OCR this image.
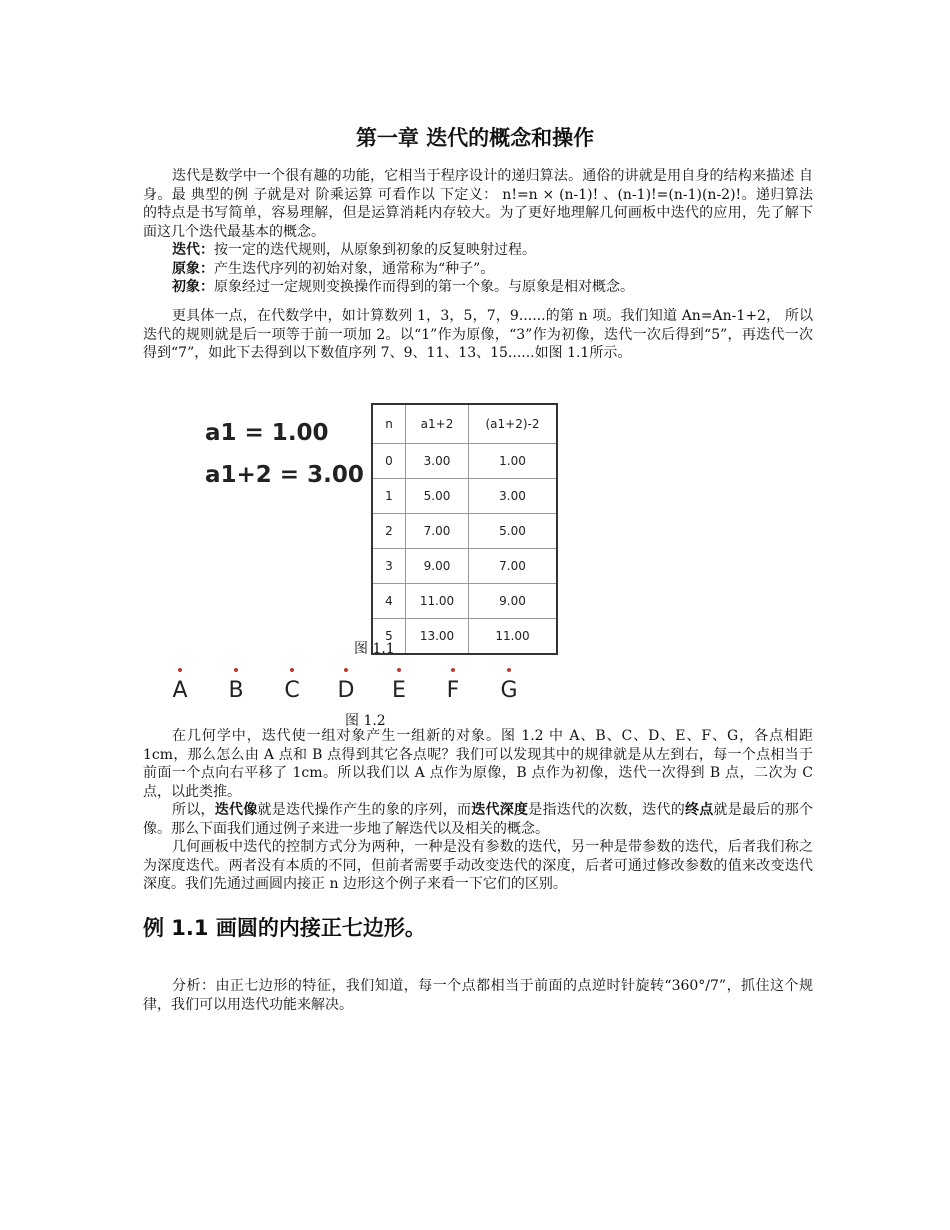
第一章 迭代的概念和操作

迭代是数学中一个很有趣的功能，它相当于程序设计的递归算法。通俗的讲就是用自身的结构来描述 自身。最 典型的例 子就是对 阶乘运算 可看作以 下定义： n!=n × (n-1)! 、(n-1)!=(n-1)(n-2)!。递归算法的特点是书写简单，容易理解，但是运算消耗内存较大。为了更好地理解几何画板中迭代的应用，先了解下面这几个迭代最基本的概念。

迭代：按一定的迭代规则，从原象到初象的反复映射过程。
原象：产生迭代序列的初始对象，通常称为“种子”。
初象：原象经过一定规则变换操作而得到的第一个象。与原象是相对概念。

更具体一点，在代数学中，如计算数列 1，3，5，7，9......的第 n 项。我们知道 An=An-1+2， 所以迭代的规则就是后一项等于前一项加 2。以“1”作为原像，“3”作为初像，迭代一次后得到“5”，再迭代一次得到“7”，如此下去得到以下数值序列 7、9、11、13、15......如图 1.1所示。

a1 = 1.00
a1+2 = 3.00
n	a1+2	(a1+2)-2
0	3.00	1.00
1	5.00	3.00
2	7.00	5.00
3	9.00	7.00
4	11.00	9.00
5	13.00	11.00
图 1.1
A	B	C	D	E	F	G
图 1.2

在几何学中，迭代使一组对象产生一组新的对象。图 1.2 中 A、B、C、D、E、F、G，各点相距 1cm，那么怎么由 A 点和 B 点得到其它各点呢？我们可以发现其中的规律就是从左到右，每一个点相当于前面一个点向右平移了 1cm。所以我们以 A 点作为原像，B 点作为初像，迭代一次得到 B 点，二次为 C 点，以此类推。

所以，迭代像就是迭代操作产生的象的序列，而迭代深度是指迭代的次数，迭代的终点就是最后的那个像。那么下面我们通过例子来进一步地了解迭代以及相关的概念。

几何画板中迭代的控制方式分为两种，一种是没有参数的迭代，另一种是带参数的迭代，后者我们称之为深度迭代。两者没有本质的不同，但前者需要手动改变迭代的深度，后者可通过修改参数的值来改变迭代深度。我们先通过画圆内接正 n 边形这个例子来看一下它们的区别。

例 1.1 画圆的内接正七边形。

分析：由正七边形的特征，我们知道，每一个点都相当于前面的点逆时针旋转“360°/7”，抓住这个规律，我们可以用迭代功能来解决。
